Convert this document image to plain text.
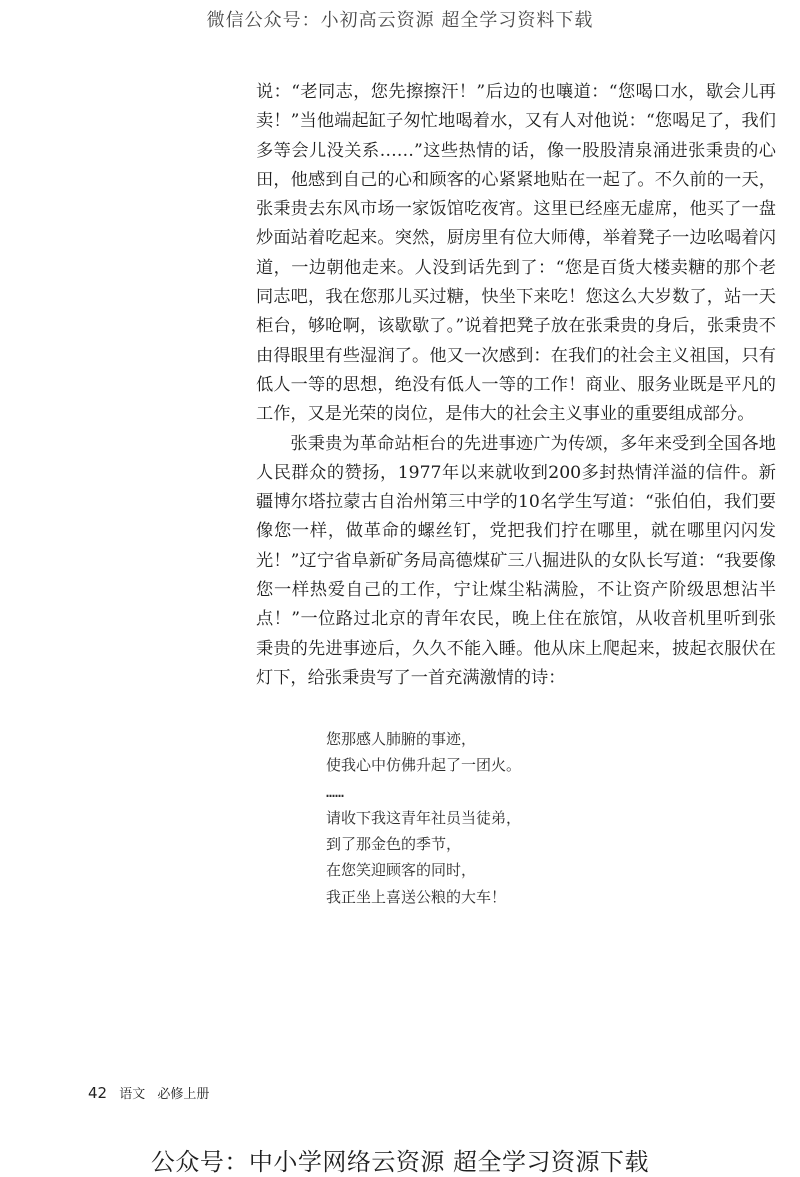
微信公众号：小初高云资源 超全学习资料下载

说：“老同志，您先擦擦汗！”后边的也嚷道：“您喝口水，歇会儿再卖！”当他端起缸子匆忙地喝着水，又有人对他说：“您喝足了，我们多等会儿没关系……”这些热情的话，像一股股清泉涌进张秉贵的心田，他感到自己的心和顾客的心紧紧地贴在一起了。不久前的一天，张秉贵去东风市场一家饭馆吃夜宵。这里已经座无虚席，他买了一盘炒面站着吃起来。突然，厨房里有位大师傅，举着凳子一边吆喝着闪道，一边朝他走来。人没到话先到了：“您是百货大楼卖糖的那个老同志吧，我在您那儿买过糖，快坐下来吃！您这么大岁数了，站一天柜台，够呛啊，该歇歇了。”说着把凳子放在张秉贵的身后，张秉贵不由得眼里有些湿润了。他又一次感到：在我们的社会主义祖国，只有低人一等的思想，绝没有低人一等的工作！商业、服务业既是平凡的工作，又是光荣的岗位，是伟大的社会主义事业的重要组成部分。

张秉贵为革命站柜台的先进事迹广为传颂，多年来受到全国各地人民群众的赞扬，1977年以来就收到200多封热情洋溢的信件。新疆博尔塔拉蒙古自治州第三中学的10名学生写道：“张伯伯，我们要像您一样，做革命的螺丝钉，党把我们拧在哪里，就在哪里闪闪发光！”辽宁省阜新矿务局高德煤矿三八掘进队的女队长写道：“我要像您一样热爱自己的工作，宁让煤尘粘满脸，不让资产阶级思想沾半点！”一位路过北京的青年农民，晚上住在旅馆，从收音机里听到张秉贵的先进事迹后，久久不能入睡。他从床上爬起来，披起衣服伏在灯下，给张秉贵写了一首充满激情的诗：

您那感人肺腑的事迹，
使我心中仿佛升起了一团火。
……
请收下我这青年社员当徒弟，
到了那金色的季节，
在您笑迎顾客的同时，
我正坐上喜送公粮的大车！
42 语文 必修上册
公众号：中小学网络云资源 超全学习资源下载
